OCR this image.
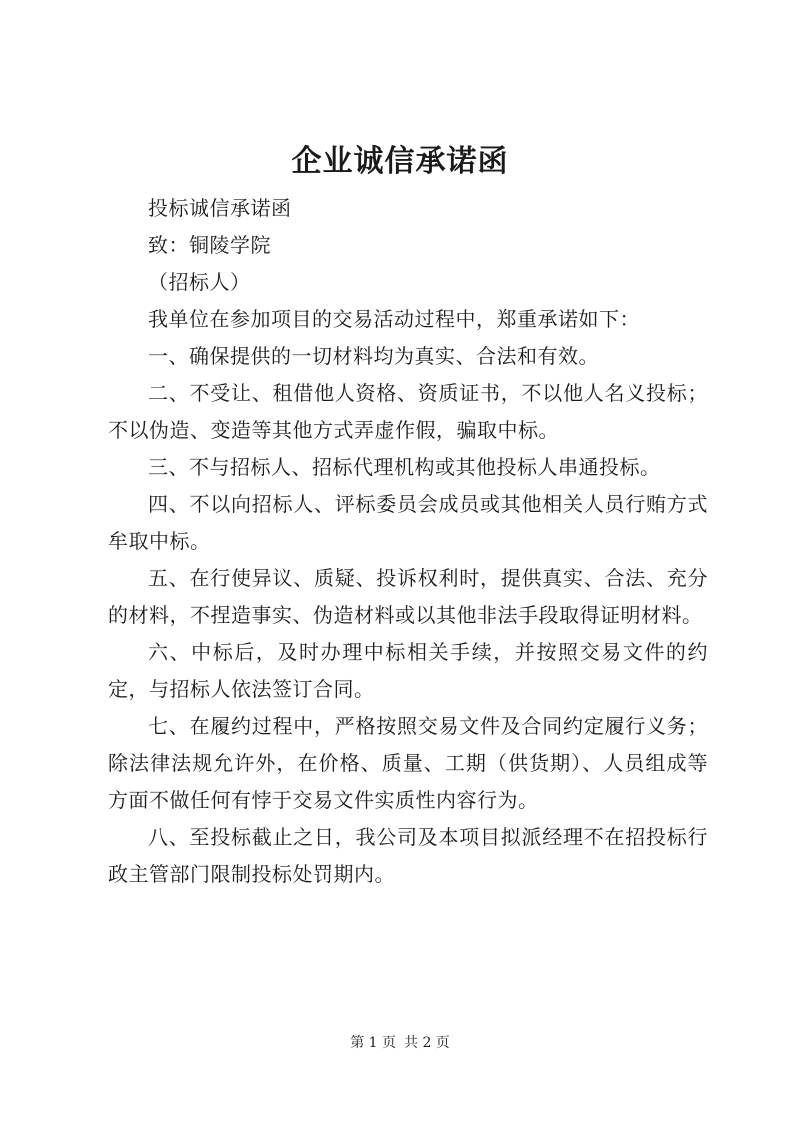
企业诚信承诺函

投标诚信承诺函

致：铜陵学院

（招标人）

我单位在参加项目的交易活动过程中，郑重承诺如下：

一、确保提供的一切材料均为真实、合法和有效。

二、不受让、租借他人资格、资质证书，不以他人名义投标；不以伪造、变造等其他方式弄虚作假，骗取中标。

三、不与招标人、招标代理机构或其他投标人串通投标。

四、不以向招标人、评标委员会成员或其他相关人员行贿方式牟取中标。

五、在行使异议、质疑、投诉权利时，提供真实、合法、充分的材料，不捏造事实、伪造材料或以其他非法手段取得证明材料。

六、中标后，及时办理中标相关手续，并按照交易文件的约定，与招标人依法签订合同。

七、在履约过程中，严格按照交易文件及合同约定履行义务；除法律法规允许外，在价格、质量、工期（供货期）、人员组成等方面不做任何有悖于交易文件实质性内容行为。

八、至投标截止之日，我公司及本项目拟派经理不在招投标行政主管部门限制投标处罚期内。

第 1 页 共 2 页
